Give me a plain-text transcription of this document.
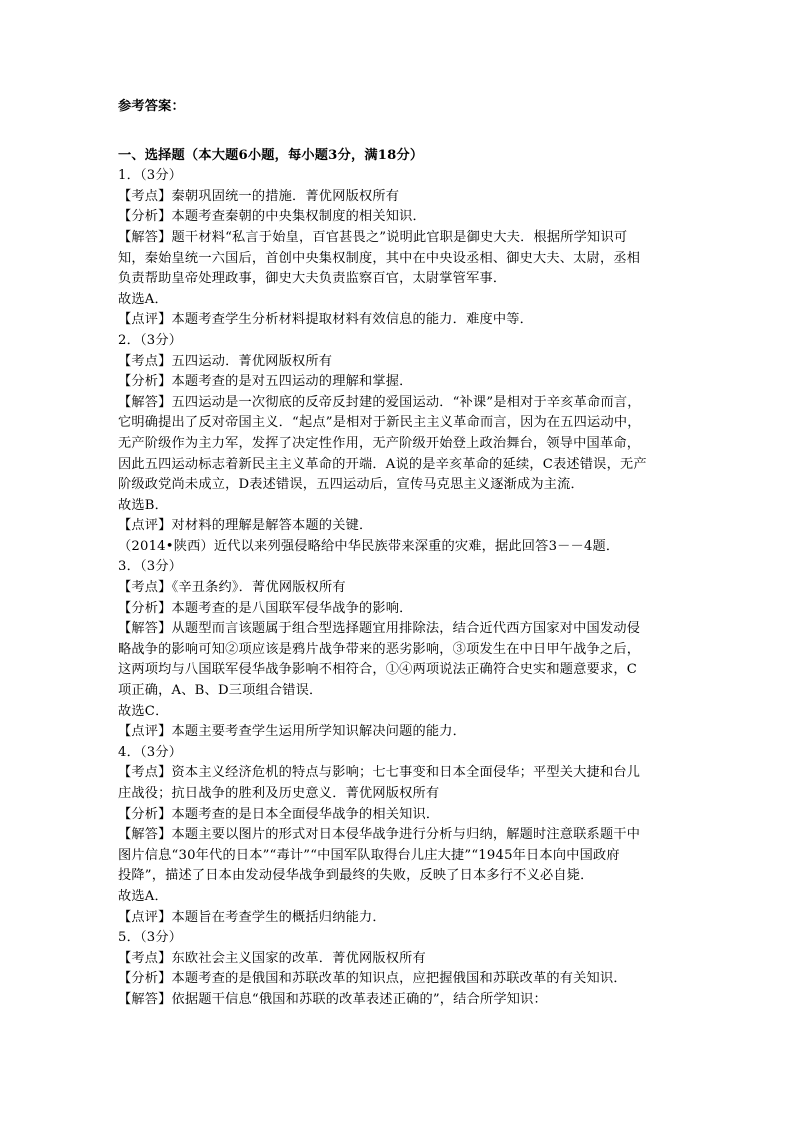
参考答案：
一、选择题（本大题6小题，每小题3分，满18分）
1．（3分）
【考点】秦朝巩固统一的措施．菁优网版权所有
【分析】本题考查秦朝的中央集权制度的相关知识．
【解答】题干材料“私言于始皇，百官甚畏之”说明此官职是御史大夫．根据所学知识可
知，秦始皇统一六国后，首创中央集权制度，其中在中央设丞相、御史大夫、太尉，丞相
负责帮助皇帝处理政事，御史大夫负责监察百官，太尉掌管军事．
故选A．
【点评】本题考查学生分析材料提取材料有效信息的能力．难度中等．
2．（3分）
【考点】五四运动．菁优网版权所有
【分析】本题考查的是对五四运动的理解和掌握．
【解答】五四运动是一次彻底的反帝反封建的爱国运动．“补课”是相对于辛亥革命而言，
它明确提出了反对帝国主义．“起点”是相对于新民主主义革命而言，因为在五四运动中，
无产阶级作为主力军，发挥了决定性作用，无产阶级开始登上政治舞台，领导中国革命，
因此五四运动标志着新民主主义革命的开端．A说的是辛亥革命的延续，C表述错误，无产
阶级政党尚未成立，D表述错误，五四运动后，宣传马克思主义逐渐成为主流．
故选B．
【点评】对材料的理解是解答本题的关键．
（2014•陕西）近代以来列强侵略给中华民族带来深重的灾难，据此回答3－－4题．
3．（3分）
【考点】《辛丑条约》．菁优网版权所有
【分析】本题考查的是八国联军侵华战争的影响．
【解答】从题型而言该题属于组合型选择题宜用排除法，结合近代西方国家对中国发动侵
略战争的影响可知②项应该是鸦片战争带来的恶劣影响，③项发生在中日甲午战争之后，
这两项均与八国联军侵华战争影响不相符合，①④两项说法正确符合史实和题意要求，C
项正确，A、B、D三项组合错误．
故选C．
【点评】本题主要考查学生运用所学知识解决问题的能力．
4．（3分）
【考点】资本主义经济危机的特点与影响；七七事变和日本全面侵华；平型关大捷和台儿
庄战役；抗日战争的胜利及历史意义．菁优网版权所有
【分析】本题考查的是日本全面侵华战争的相关知识．
【解答】本题主要以图片的形式对日本侵华战争进行分析与归纳，解题时注意联系题干中
图片信息“30年代的日本”“毒计”“中国军队取得台儿庄大捷”“1945年日本向中国政府
投降”，描述了日本由发动侵华战争到最终的失败，反映了日本多行不义必自毙．
故选A．
【点评】本题旨在考查学生的概括归纳能力．
5．（3分）
【考点】东欧社会主义国家的改革．菁优网版权所有
【分析】本题考查的是俄国和苏联改革的知识点，应把握俄国和苏联改革的有关知识．
【解答】依据题干信息“俄国和苏联的改革表述正确的”，结合所学知识：
